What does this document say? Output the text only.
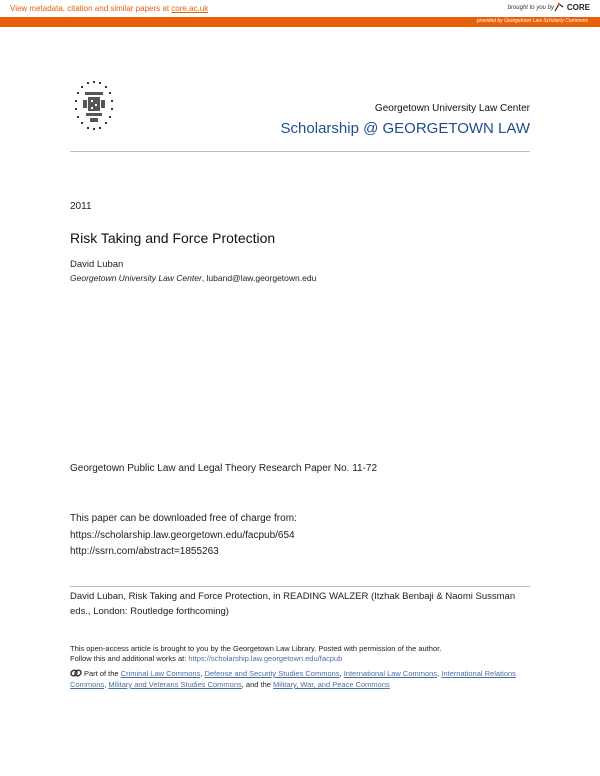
View metadata, citation and similar papers at core.ac.uk	brought to you by CORE
provided by Georgetown Law Scholarly Commons
Georgetown University Law Center
Scholarship @ GEORGETOWN LAW
2011
Risk Taking and Force Protection
David Luban
Georgetown University Law Center, luband@law.georgetown.edu
Georgetown Public Law and Legal Theory Research Paper No. 11-72
This paper can be downloaded free of charge from:
https://scholarship.law.georgetown.edu/facpub/654
http://ssrn.com/abstract=1855263
David Luban, Risk Taking and Force Protection, in READING WALZER (Itzhak Benbaji & Naomi Sussman eds., London: Routledge forthcoming)
This open-access article is brought to you by the Georgetown Law Library. Posted with permission of the author.
Follow this and additional works at: https://scholarship.law.georgetown.edu/facpub
Part of the Criminal Law Commons, Defense and Security Studies Commons, International Law Commons, International Relations Commons, Military and Veterans Studies Commons, and the Military, War, and Peace Commons
